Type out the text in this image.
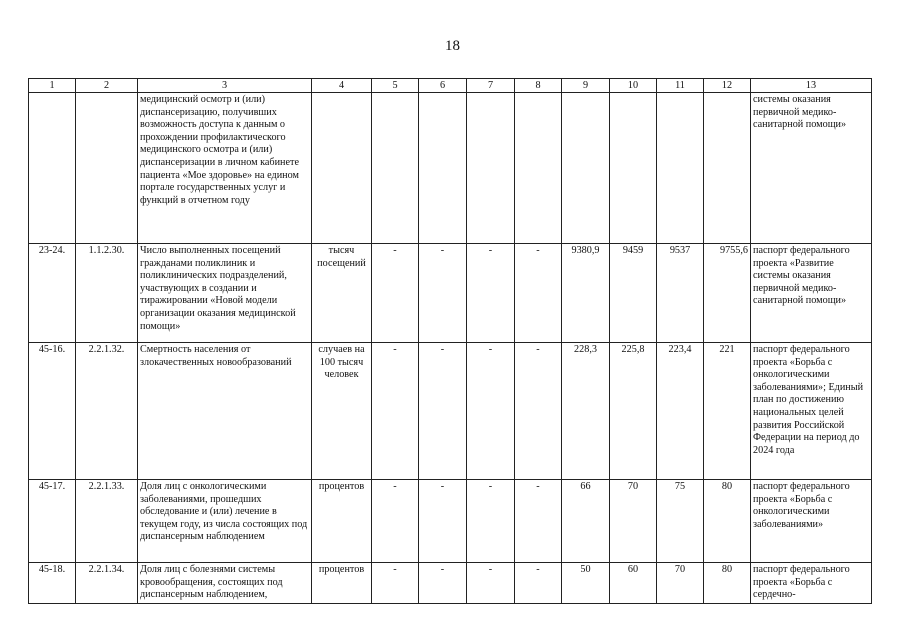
18
1	2	3	4	5	6	7	8	9	10	11	12	13
		медицинский осмотр и (или) диспансеризацию, получивших возможность доступа к данным о прохождении профилактического медицинского осмотра и (или) диспансеризации в личном кабинете пациента «Мое здоровье» на едином портале государственных услуг и функций в отчетном году										системы оказания первичной медико-санитарной помощи»
23-24.	1.1.2.30.	Число выполненных посещений гражданами поликлиник и поликлинических подразделений, участвующих в создании и тиражировании «Новой модели организации оказания медицинской помощи»	тысяч посещений	-	-	-	-	9380,9	9459	9537	9755,6	паспорт федерального проекта «Развитие системы оказания первичной медико-санитарной помощи»
45-16.	2.2.1.32.	Смертность населения от злокачественных новообразований	случаев на 100 тысяч человек	-	-	-	-	228,3	225,8	223,4	221	паспорт федерального проекта «Борьба с онкологическими заболеваниями»; Единый план по достижению национальных целей развития Российской Федерации на период до 2024 года
45-17.	2.2.1.33.	Доля лиц с онкологическими заболеваниями, прошедших обследование и (или) лечение в текущем году, из числа состоящих под диспансерным наблюдением	процентов	-	-	-	-	66	70	75	80	паспорт федерального проекта «Борьба с онкологическими заболеваниями»
45-18.	2.2.1.34.	Доля лиц с болезнями системы кровообращения, состоящих под диспансерным наблюдением,	процентов	-	-	-	-	50	60	70	80	паспорт федерального проекта «Борьба с сердечно-
